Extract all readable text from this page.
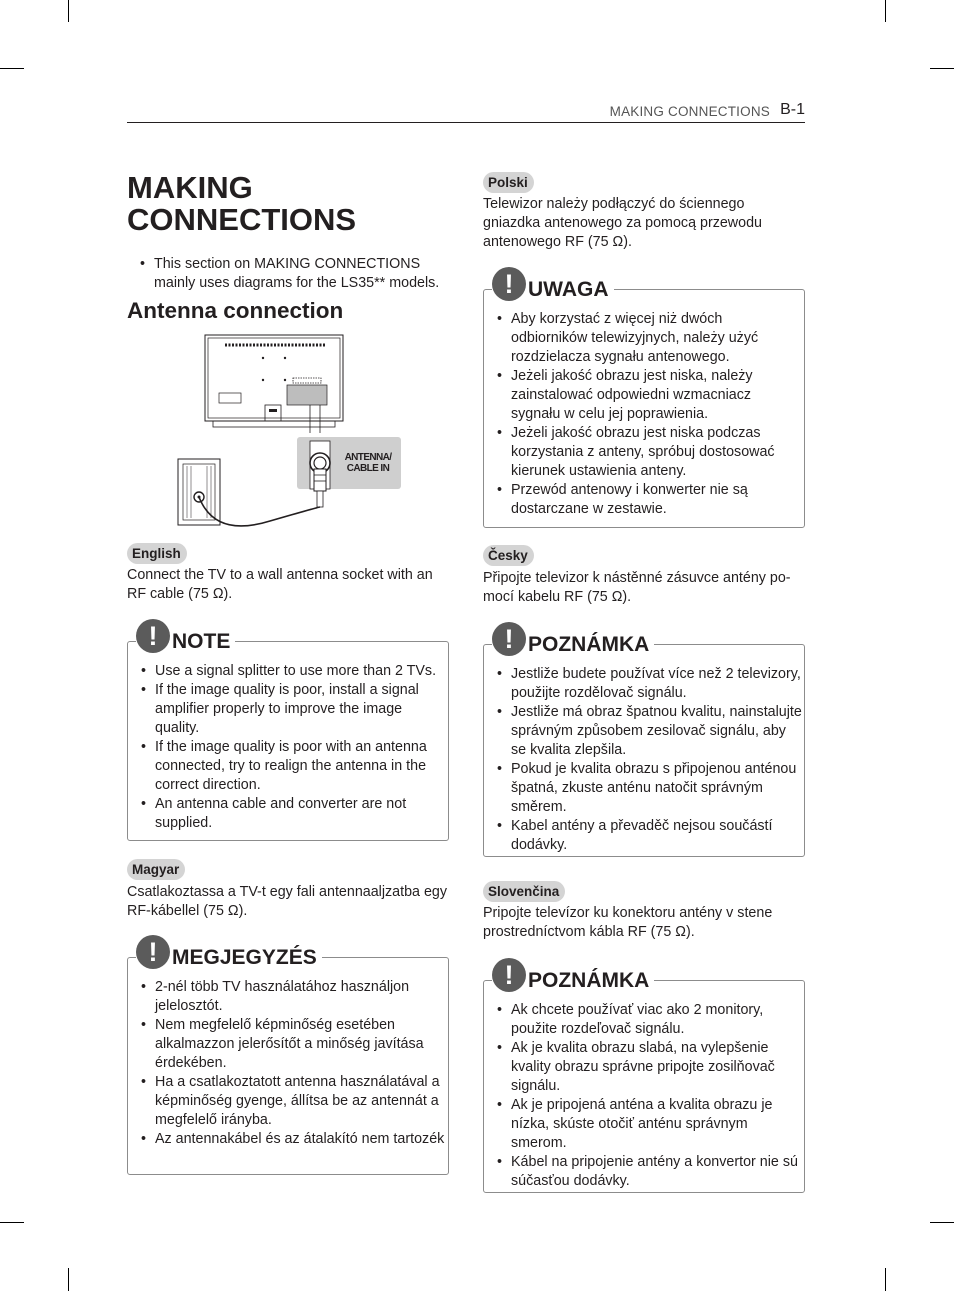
MAKING CONNECTIONS B-1
MAKING
CONNECTIONS
• This section on MAKING CONNECTIONS mainly uses diagrams for the LS35** models.
Antenna connection
ANTENNA/
CABLE IN
English

Connect the TV to a wall antenna socket with an RF cable (75 Ω).

! NOTE
• Use a signal splitter to use more than 2 TVs.
• If the image quality is poor, install a signal amplifier properly to improve the image quality.
• If the image quality is poor with an antenna connected, try to realign the antenna in the correct direction.
• An antenna cable and converter are not supplied.
Magyar

Csatlakoztassa a TV-t egy fali antennaaljzatba egy RF-kábellel (75 Ω).

! MEGJEGYZÉS
• 2-nél több TV használatához használjon jelelosztót.
• Nem megfelelő képminőség esetében alkalmazzon jelerősítőt a minőség javítása érdekében.
• Ha a csatlakoztatott antenna használatával a képminőség gyenge, állítsa be az antennát a megfelelő irányba.
• Az antennakábel és az átalakító nem tartozék
Polski

Telewizor należy podłączyć do ściennego gniazdka antenowego za pomocą przewodu antenowego RF (75 Ω).

! UWAGA
• Aby korzystać z więcej niż dwóch odbiorników telewizyjnych, należy użyć rozdzielacza sygnału antenowego.
• Jeżeli jakość obrazu jest niska, należy zainstalować odpowiedni wzmacniacz sygnału w celu jej poprawienia.
• Jeżeli jakość obrazu jest niska podczas korzystania z anteny, spróbuj dostosować kierunek ustawienia anteny.
• Przewód antenowy i konwerter nie są dostarczane w zestawie.
Česky

Připojte televizor k nástěnné zásuvce antény po-mocí kabelu RF (75 Ω).

! POZNÁMKA
• Jestliže budete používat více než 2 televizory, použijte rozdělovač signálu.
• Jestliže má obraz špatnou kvalitu, nainstalujte správným způsobem zesilovač signálu, aby se kvalita zlepšila.
• Pokud je kvalita obrazu s připojenou anténou špatná, zkuste anténu natočit správným směrem.
• Kabel antény a převaděč nejsou součástí dodávky.
Slovenčina

Pripojte televízor ku konektoru antény v stene prostredníctvom kábla RF (75 Ω).

! POZNÁMKA
• Ak chcete používať viac ako 2 monitory, použite rozdeľovač signálu.
• Ak je kvalita obrazu slabá, na vylepšenie kvality obrazu správne pripojte zosilňovač signálu.
• Ak je pripojená anténa a kvalita obrazu je nízka, skúste otočiť anténu správnym smerom.
• Kábel na pripojenie antény a konvertor nie sú súčasťou dodávky.
